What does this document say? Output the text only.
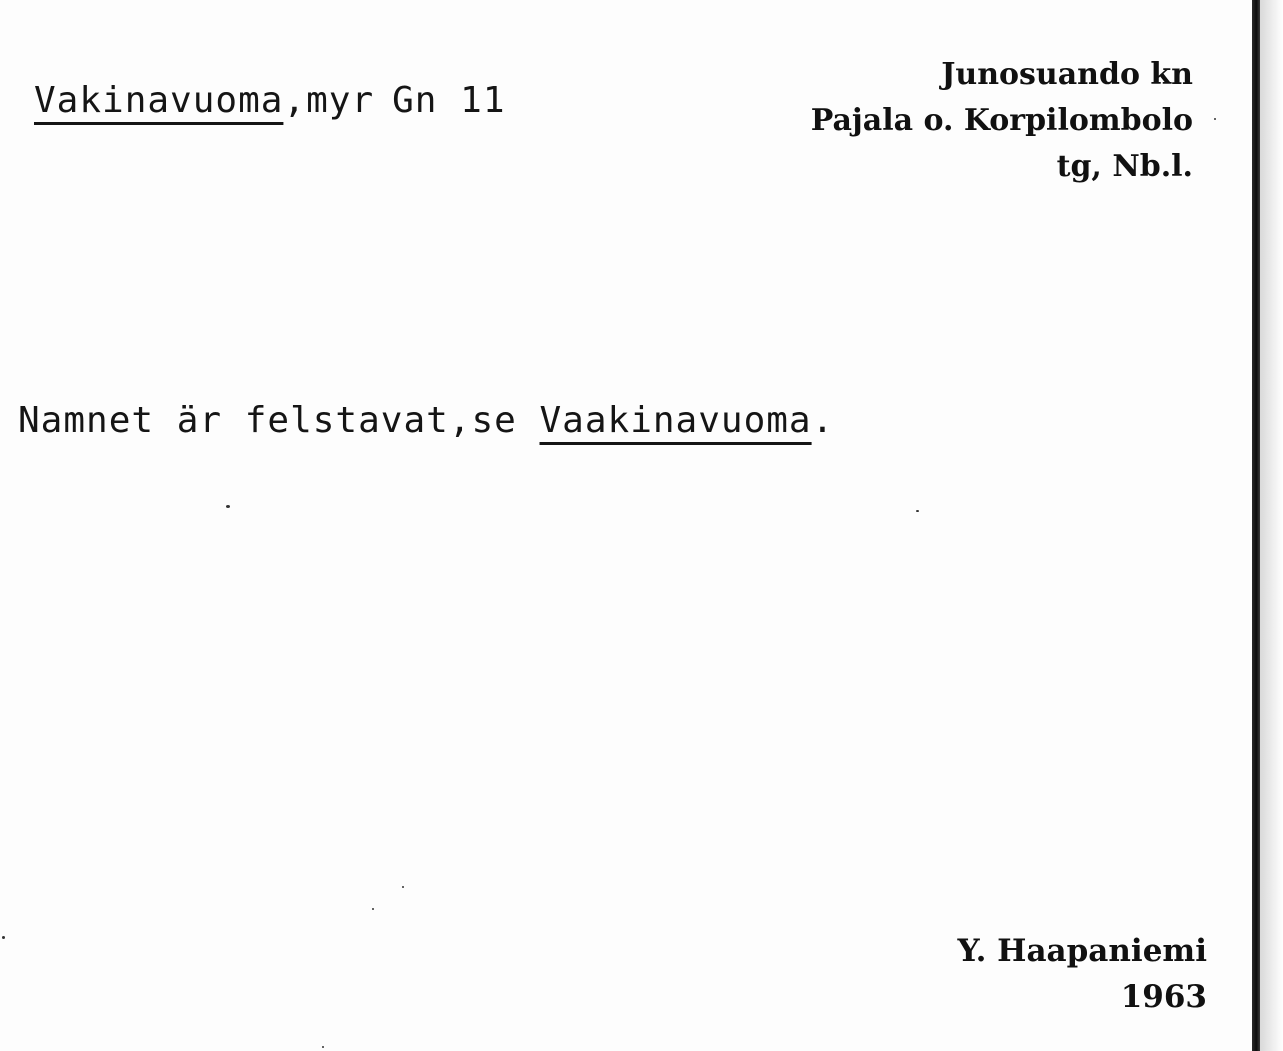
Vakinavuoma,myr Gn 11
Junosuando kn
Pajala o. Korpilombolo
tg, Nb.l.
Namnet är felstavat,se Vaakinavuoma.
Y. Haapaniemi
1963
